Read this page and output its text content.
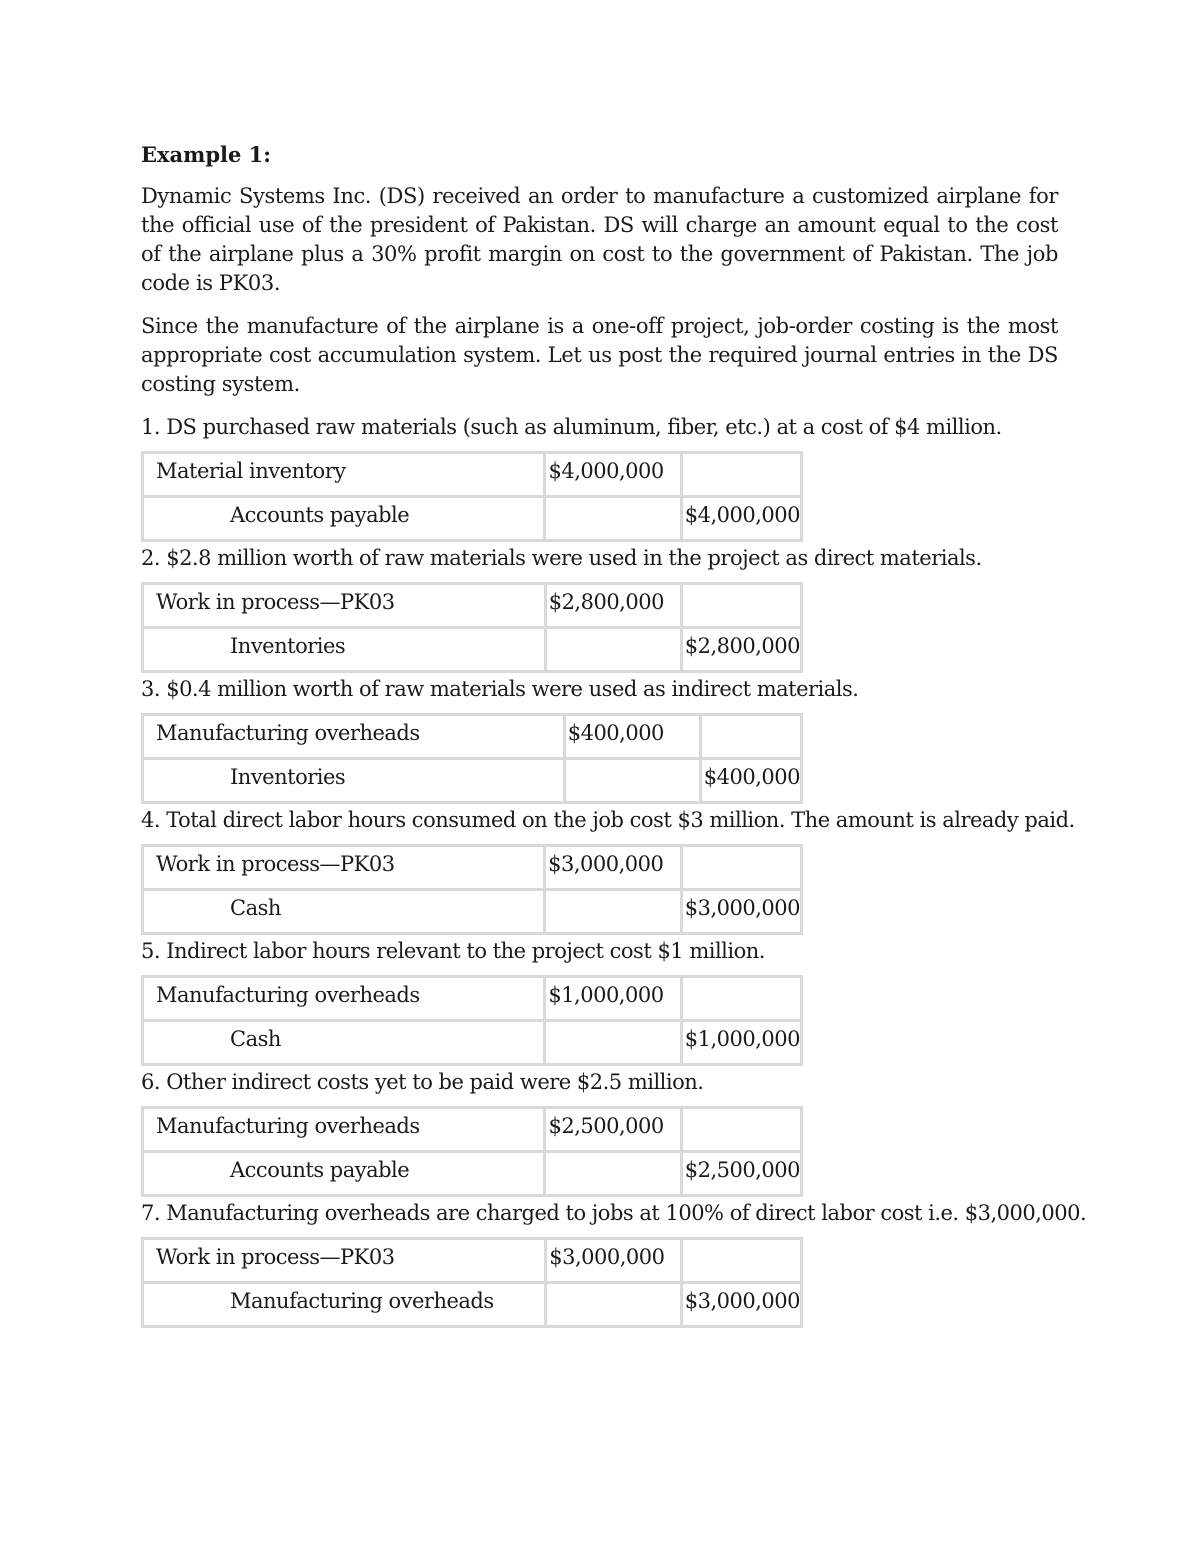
Example 1:

Dynamic Systems Inc. (DS) received an order to manufacture a customized airplane for the official use of the president of Pakistan. DS will charge an amount equal to the cost of the airplane plus a 30% profit margin on cost to the government of Pakistan. The job code is PK03.

Since the manufacture of the airplane is a one-off project, job-order costing is the most appropriate cost accumulation system. Let us post the required journal entries in the DS costing system.

1. DS purchased raw materials (such as aluminum, fiber, etc.) at a cost of $4 million.
Material inventory	$4,000,000	
Accounts payable		$4,000,000
2. $2.8 million worth of raw materials were used in the project as direct materials.
Work in process—PK03	$2,800,000	
Inventories		$2,800,000
3. $0.4 million worth of raw materials were used as indirect materials.
Manufacturing overheads	$400,000	
Inventories		$400,000
4. Total direct labor hours consumed on the job cost $3 million. The amount is already paid.
Work in process—PK03	$3,000,000	
Cash		$3,000,000
5. Indirect labor hours relevant to the project cost $1 million.
Manufacturing overheads	$1,000,000	
Cash		$1,000,000
6. Other indirect costs yet to be paid were $2.5 million.
Manufacturing overheads	$2,500,000	
Accounts payable		$2,500,000
7. Manufacturing overheads are charged to jobs at 100% of direct labor cost i.e. $3,000,000.
Work in process—PK03	$3,000,000	
Manufacturing overheads		$3,000,000
